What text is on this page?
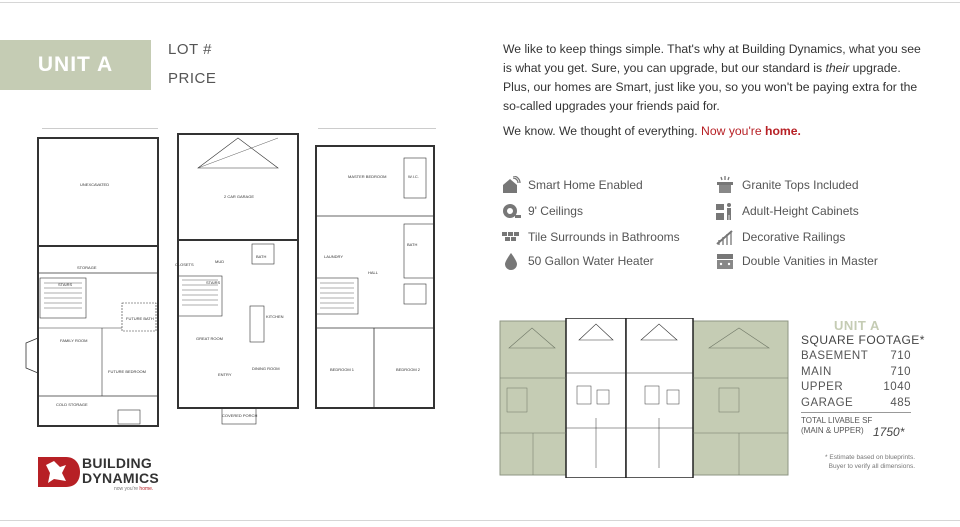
UNIT A
LOT #
PRICE
We like to keep things simple. That's why at Building Dynamics, what you see is what you get. Sure, you can upgrade, but our standard is their upgrade. Plus, our homes are Smart, just like you, so you won't be paying extra for the so-called upgrades your friends paid for.
We know. We thought of everything. Now you're home.
Smart Home Enabled	Granite Tops Included
9' Ceilings	Adult-Height Cabinets
Tile Surrounds in Bathrooms	Decorative Railings
50 Gallon Water Heater	Double Vanities in Master
UNEXCAVATED
STORAGE
STAIRS
FUTURE BATH
FAMILY ROOM
FUTURE BEDROOM
COLD STORAGE
2 CAR GARAGE
CLOSETS
MUD
BATH
STAIRS
KITCHEN
GREAT ROOM
ENTRY
DINING ROOM
COVERED PORCH
MASTER BEDROOM	W.I.C.
BATH
LAUNDRY
HALL
BEDROOM 1	BEDROOM 2
UNIT A
SQUARE FOOTAGE*
BASEMENT 710
MAIN	710
UPPER	1040
GARAGE	485
TOTAL LIVABLE SF
(MAIN & UPPER) 1750*
* Estimate based on blueprints.
Buyer to verify all dimensions.
BUILDING
DYNAMICS
now you're home.
